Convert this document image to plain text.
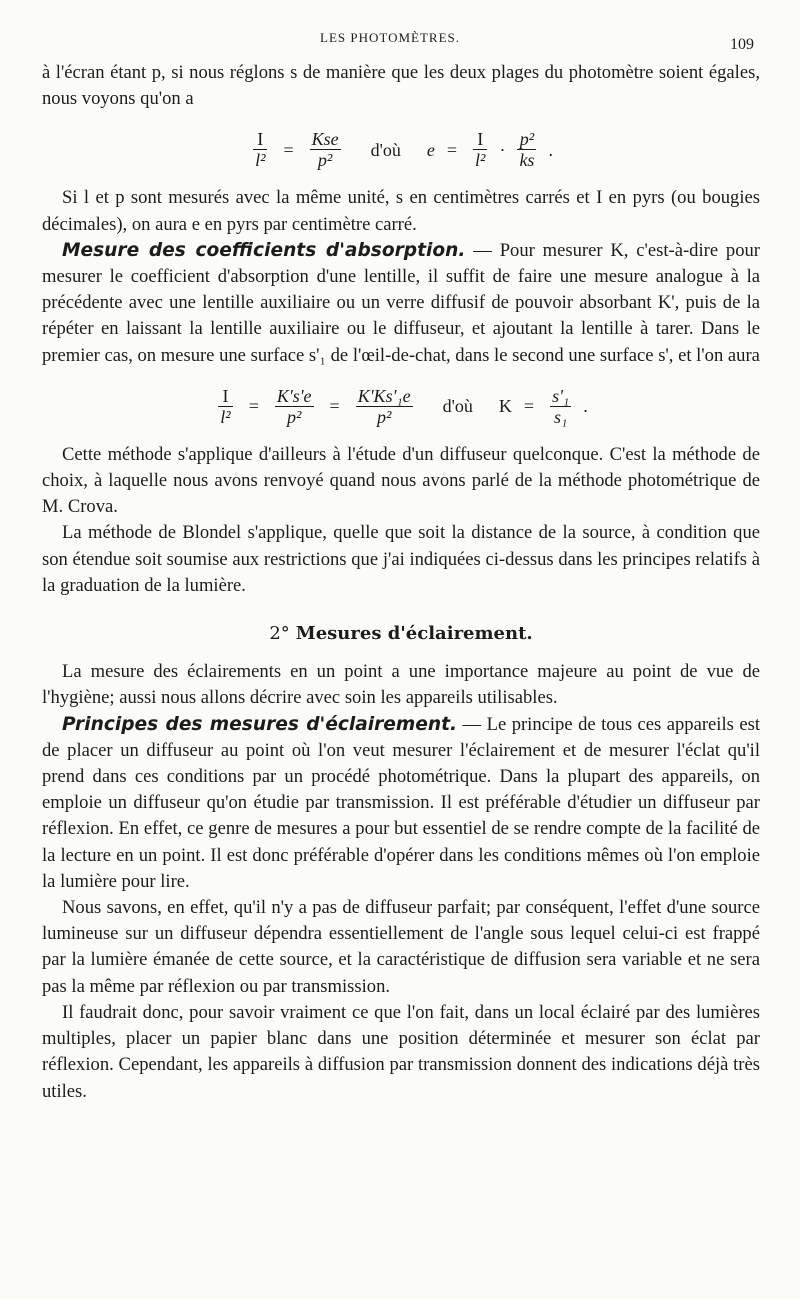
LES PHOTOMÈTRES.	109

à l'écran étant p, si nous réglons s de manière que les deux plages du photomètre soient égales, nous voyons qu'on a

$\frac{I}{\text{l²}} = \frac{\text{Kse}}{\text{p²}}$ d'où $e = \frac{I}{\text{l²}} \cdot \frac{\text{p²}}{ks}$ .

Si l et p sont mesurés avec la même unité, s en centimètres carrés et I en pyrs (ou bougies décimales), on aura e en pyrs par centimètre carré.

Mesure des coefficients d'absorption. — Pour mesurer K, c'est-à-dire pour mesurer le coefficient d'absorption d'une lentille, il suffit de faire une mesure analogue à la précédente avec une lentille auxiliaire ou un verre diffusif de pouvoir absorbant K', puis de la répéter en laissant la lentille auxiliaire ou le diffuseur, et ajoutant la lentille à tarer. Dans le premier cas, on mesure une surface s'₁ de l'œil-de-chat, dans le second une surface s', et l'on aura

$\frac{I}{\text{l²}} = \frac{K's'e}{\text{p²}} = \frac{\text{K'Ks'₁e}}{\text{p²}}$ d'où $K = \frac{\text{s'₁}}{\text{s₁}}$ .

Cette méthode s'applique d'ailleurs à l'étude d'un diffuseur quelconque. C'est la méthode de choix, à laquelle nous avons renvoyé quand nous avons parlé de la méthode photométrique de M. Crova.

La méthode de Blondel s'applique, quelle que soit la distance de la source, à condition que son étendue soit soumise aux restrictions que j'ai indiquées ci-dessus dans les principes relatifs à la graduation de la lumière.

2° Mesures d'éclairement.

La mesure des éclairements en un point a une importance majeure au point de vue de l'hygiène; aussi nous allons décrire avec soin les appareils utilisables.

Principes des mesures d'éclairement. — Le principe de tous ces appareils est de placer un diffuseur au point où l'on veut mesurer l'éclairement et de mesurer l'éclat qu'il prend dans ces conditions par un procédé photométrique. Dans la plupart des appareils, on emploie un diffuseur qu'on étudie par transmission. Il est préférable d'étudier un diffuseur par réflexion. En effet, ce genre de mesures a pour but essentiel de se rendre compte de la facilité de la lecture en un point. Il est donc préférable d'opérer dans les conditions mêmes où l'on emploie la lumière pour lire.

Nous savons, en effet, qu'il n'y a pas de diffuseur parfait; par conséquent, l'effet d'une source lumineuse sur un diffuseur dépendra essentiellement de l'angle sous lequel celui-ci est frappé par la lumière émanée de cette source, et la caractéristique de diffusion sera variable et ne sera pas la même par réflexion ou par transmission.

Il faudrait donc, pour savoir vraiment ce que l'on fait, dans un local éclairé par des lumières multiples, placer un papier blanc dans une position déterminée et mesurer son éclat par réflexion. Cependant, les appareils à diffusion par transmission donnent des indications déjà très utiles.
